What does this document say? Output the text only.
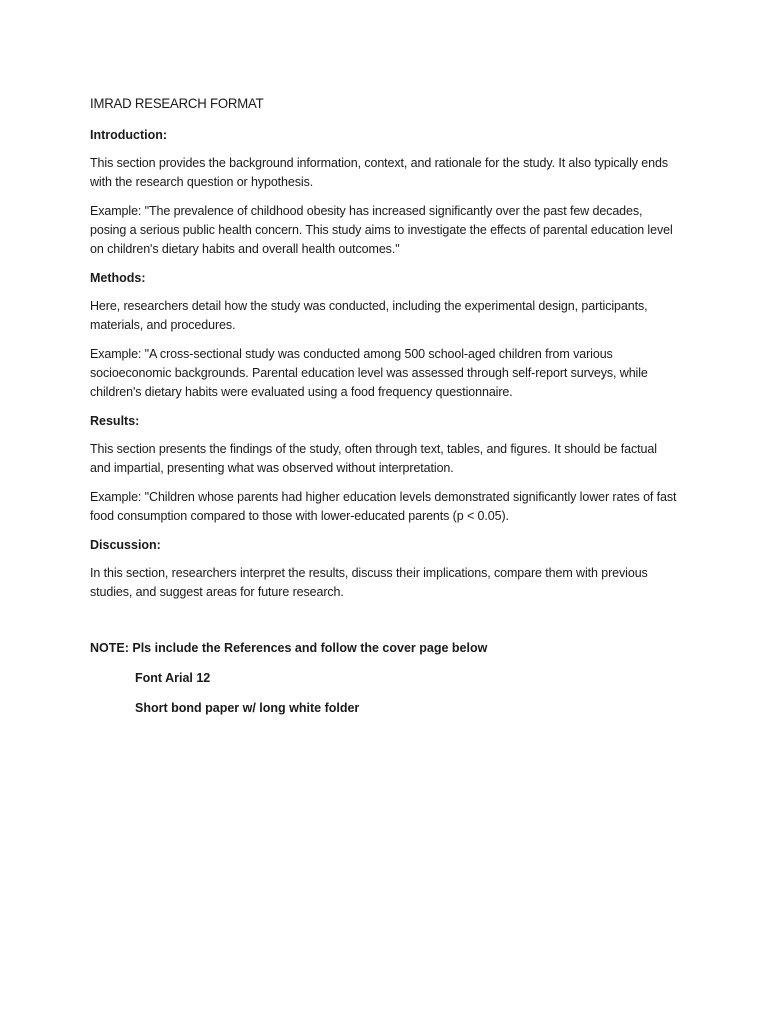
IMRAD RESEARCH FORMAT
Introduction:

This section provides the background information, context, and rationale for the study. It also typically ends with the research question or hypothesis.

Example: "The prevalence of childhood obesity has increased significantly over the past few decades, posing a serious public health concern. This study aims to investigate the effects of parental education level on children's dietary habits and overall health outcomes."

Methods:

Here, researchers detail how the study was conducted, including the experimental design, participants, materials, and procedures.

Example: "A cross-sectional study was conducted among 500 school-aged children from various socioeconomic backgrounds. Parental education level was assessed through self-report surveys, while children's dietary habits were evaluated using a food frequency questionnaire.

Results:

This section presents the findings of the study, often through text, tables, and figures. It should be factual and impartial, presenting what was observed without interpretation.

Example: "Children whose parents had higher education levels demonstrated significantly lower rates of fast food consumption compared to those with lower-educated parents (p < 0.05).

Discussion:

In this section, researchers interpret the results, discuss their implications, compare them with previous studies, and suggest areas for future research.

NOTE: Pls include the References and follow the cover page below
Font Arial 12
Short bond paper w/ long white folder
